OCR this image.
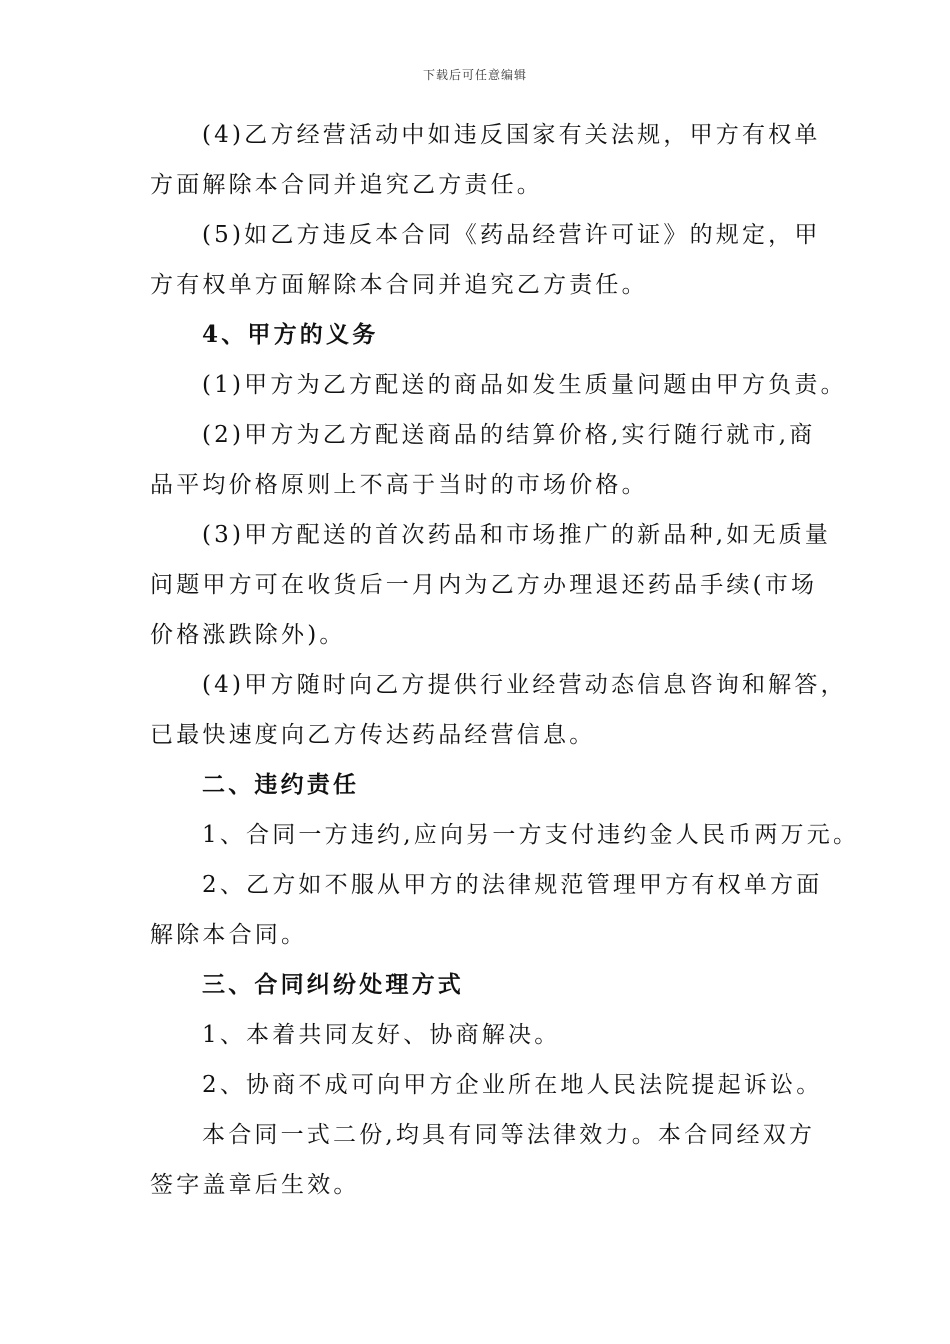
下载后可任意编辑
(4)乙方经营活动中如违反国家有关法规，甲方有权单
方面解除本合同并追究乙方责任。
(5)如乙方违反本合同《药品经营许可证》的规定，甲
方有权单方面解除本合同并追究乙方责任。
4、甲方的义务
(1)甲方为乙方配送的商品如发生质量问题由甲方负责。
(2)甲方为乙方配送商品的结算价格,实行随行就市,商
品平均价格原则上不高于当时的市场价格。
(3)甲方配送的首次药品和市场推广的新品种,如无质量
问题甲方可在收货后一月内为乙方办理退还药品手续(市场
价格涨跌除外)。
(4)甲方随时向乙方提供行业经营动态信息咨询和解答，
已最快速度向乙方传达药品经营信息。
二、违约责任
1、合同一方违约,应向另一方支付违约金人民币两万元。
2、乙方如不服从甲方的法律规范管理甲方有权单方面
解除本合同。
三、合同纠纷处理方式
1、本着共同友好、协商解决。
2、协商不成可向甲方企业所在地人民法院提起诉讼。
本合同一式二份,均具有同等法律效力。本合同经双方
签字盖章后生效。
